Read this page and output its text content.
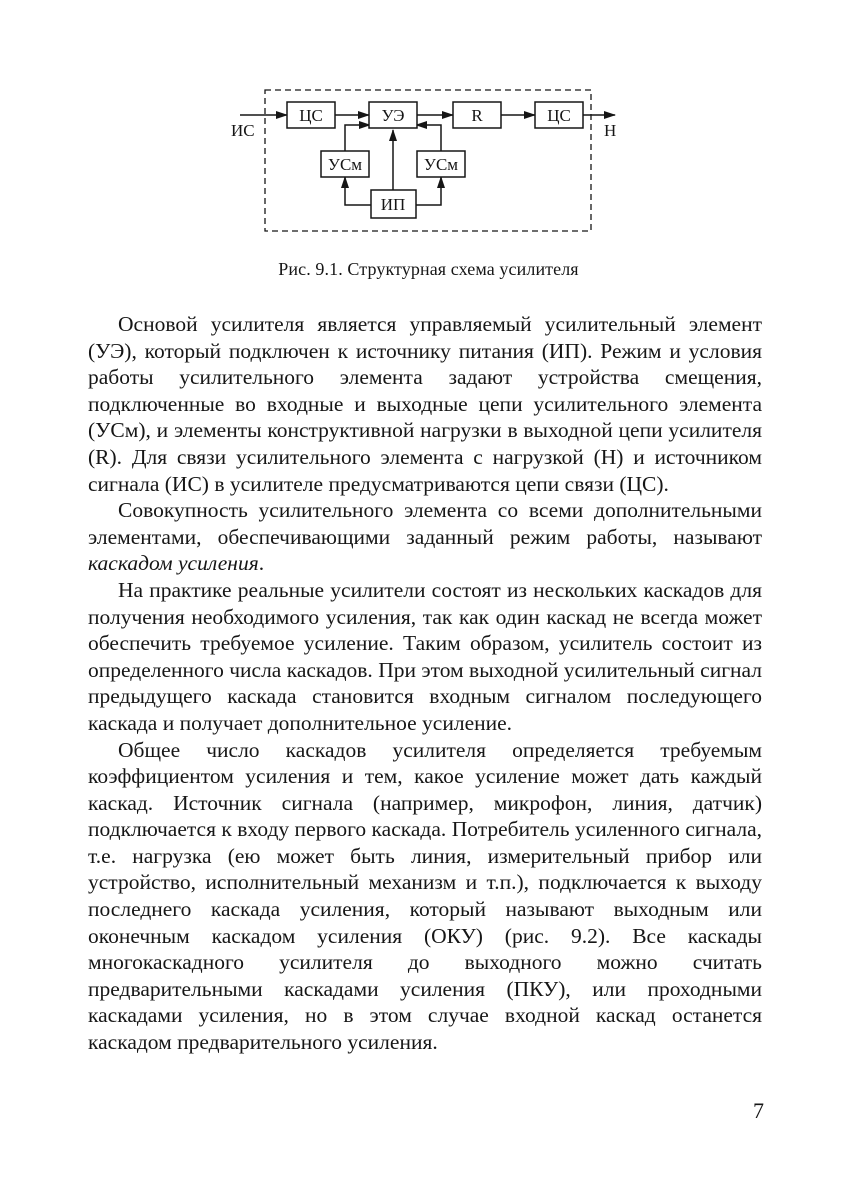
ЦС	УЭ	R	ЦС
УСм	УСм
ИП
ИС	Н
Рис. 9.1. Структурная схема усилителя

Основой усилителя является управляемый усилительный элемент (УЭ), который подключен к источнику питания (ИП). Режим и условия работы усилительного элемента задают устройства смещения, подключенные во входные и выходные цепи усилительного элемента (УСм), и элементы конструктивной нагрузки в выходной цепи усилителя (R). Для связи усилительного элемента с нагрузкой (Н) и источником сигнала (ИС) в усилителе предусматриваются цепи связи (ЦС).

Совокупность усилительного элемента со всеми дополнительными элементами, обеспечивающими заданный режим работы, называют каскадом усиления.

На практике реальные усилители состоят из нескольких каскадов для получения необходимого усиления, так как один каскад не всегда может обеспечить требуемое усиление. Таким образом, усилитель состоит из определенного числа каскадов. При этом выходной усилительный сигнал предыдущего каскада становится входным сигналом последующего каскада и получает дополнительное усиление.

Общее число каскадов усилителя определяется требуемым коэффициентом усиления и тем, какое усиление может дать каждый каскад. Источник сигнала (например, микрофон, линия, датчик) подключается к входу первого каскада. Потребитель усиленного сигнала, т.е. нагрузка (ею может быть линия, измерительный прибор или устройство, исполнительный механизм и т.п.), подключается к выходу последнего каскада усиления, который называют выходным или оконечным каскадом усиления (ОКУ) (рис. 9.2). Все каскады многокаскадного усилителя до выходного можно считать предварительными каскадами усиления (ПКУ), или проходными каскадами усиления, но в этом случае входной каскад останется каскадом предварительного усиления.

7
